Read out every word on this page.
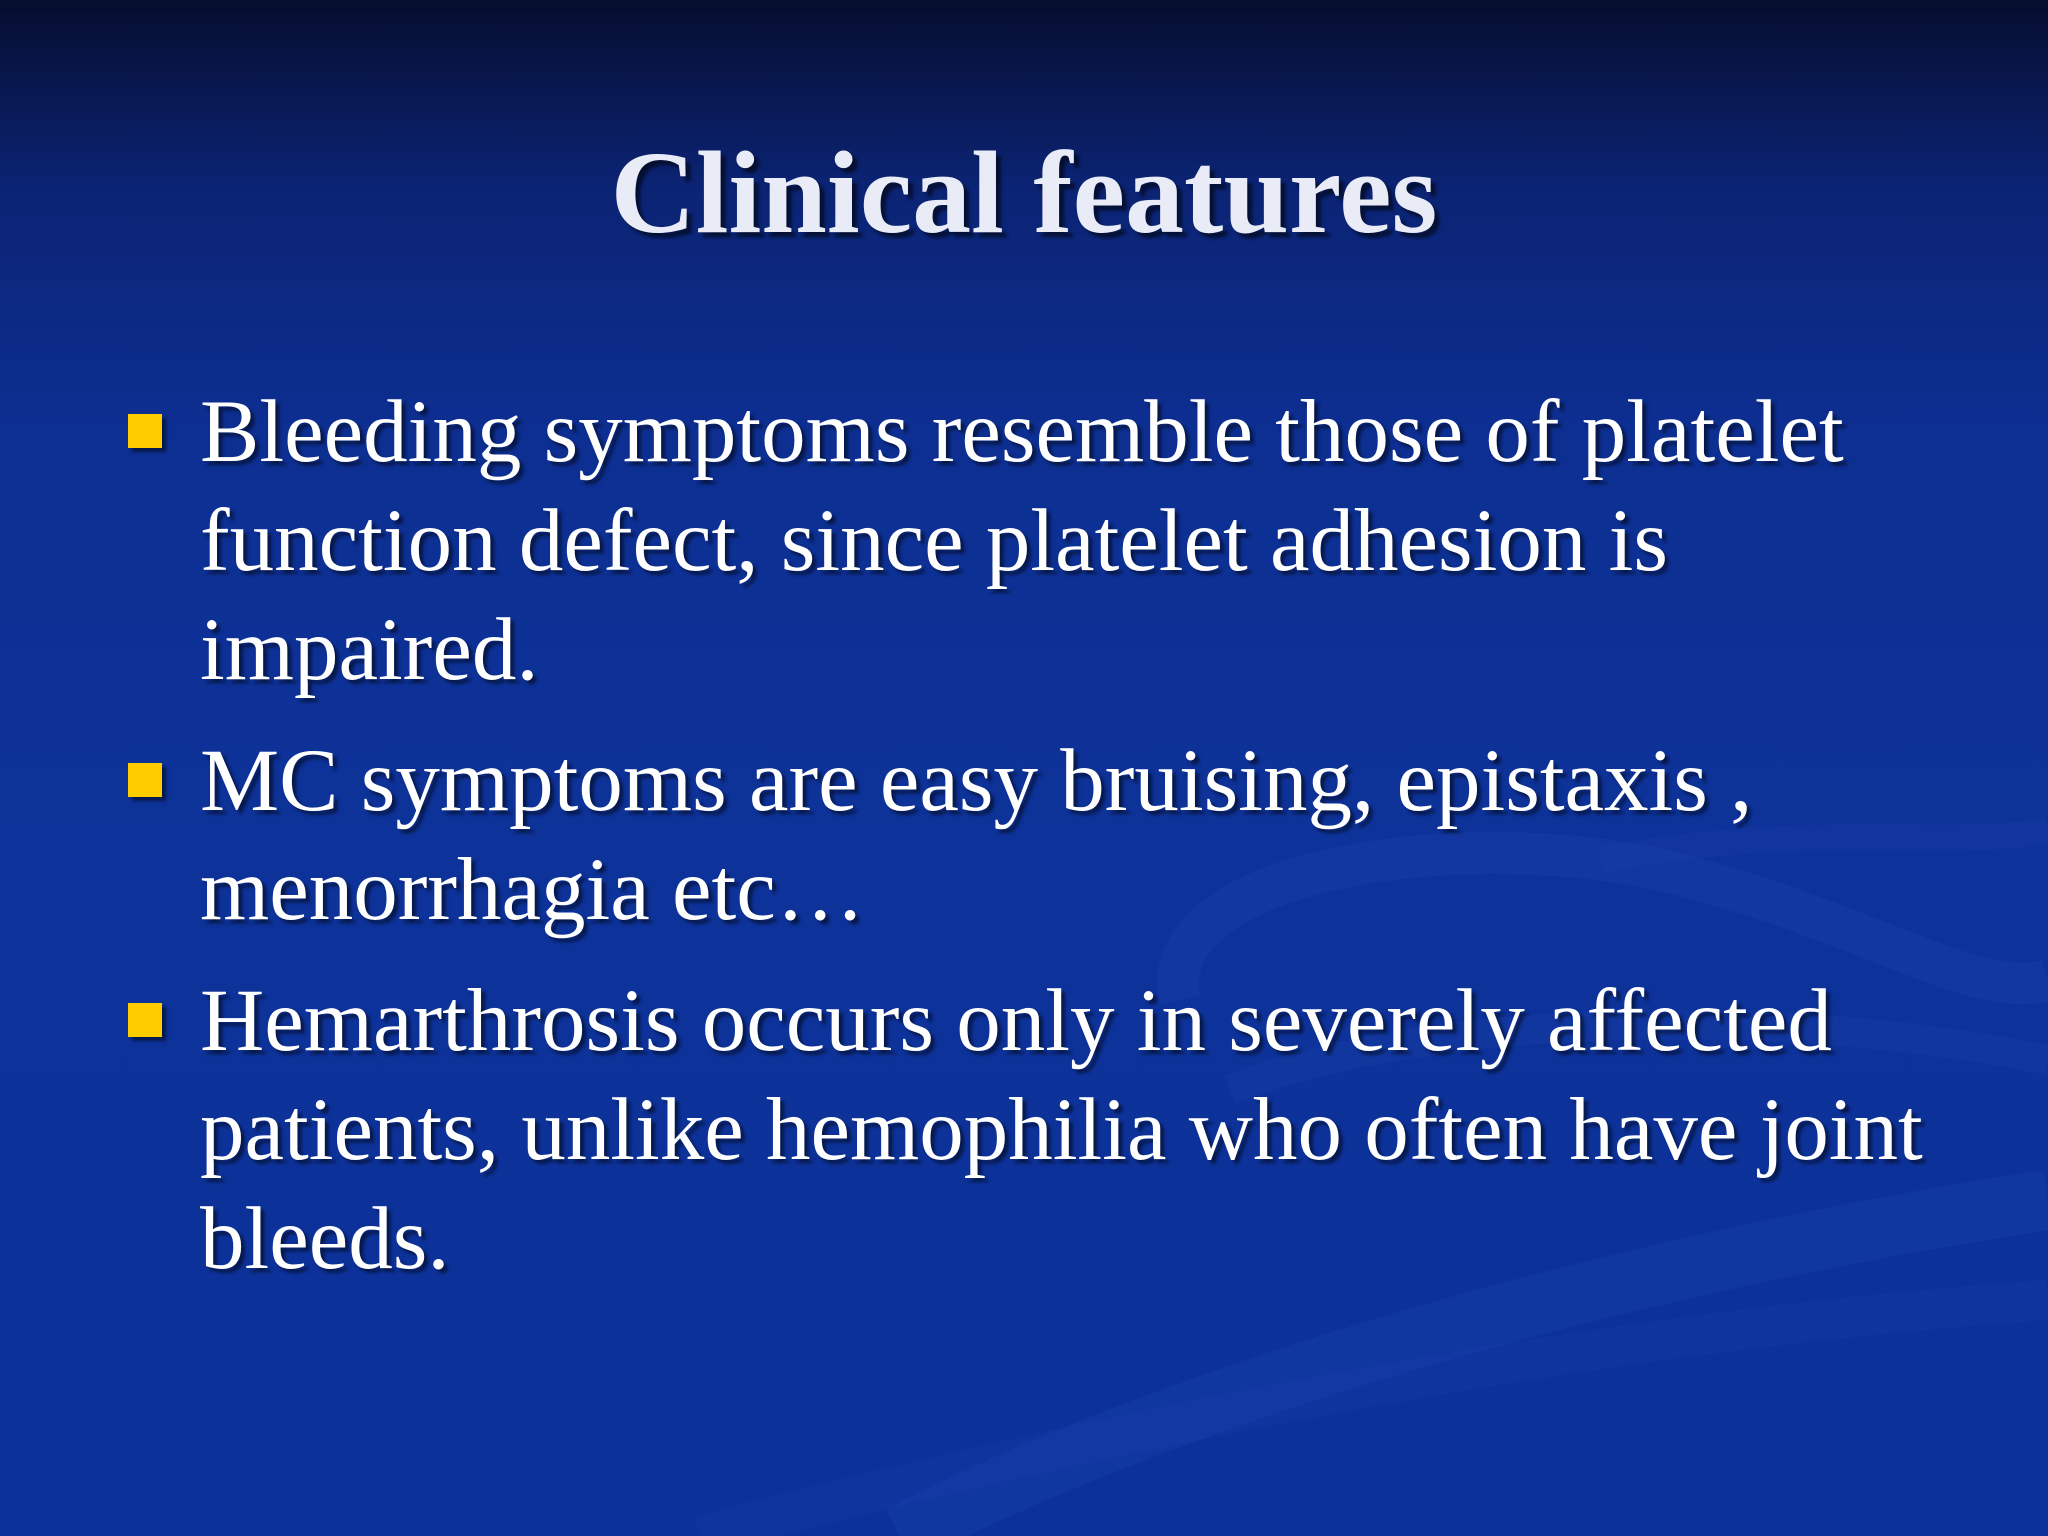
Clinical features
Bleeding symptoms resemble those of platelet function defect, since platelet adhesion is impaired.
MC symptoms are easy bruising, epistaxis , menorrhagia etc…
Hemarthrosis occurs only in severely affected patients, unlike hemophilia who often have joint bleeds.
